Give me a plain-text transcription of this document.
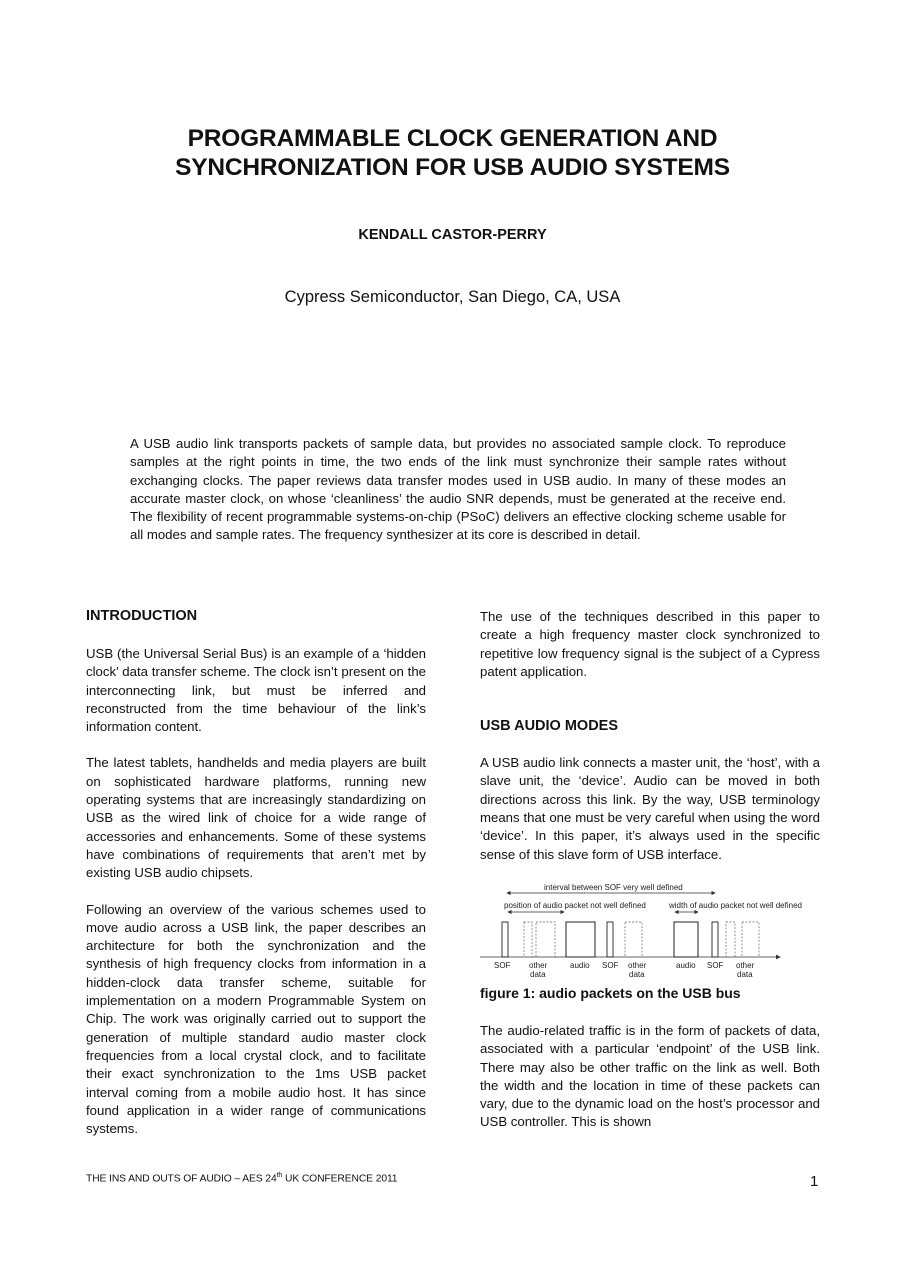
PROGRAMMABLE CLOCK GENERATION AND
SYNCHRONIZATION FOR USB AUDIO SYSTEMS
KENDALL CASTOR-PERRY
Cypress Semiconductor, San Diego, CA, USA
A USB audio link transports packets of sample data, but provides no associated sample clock. To reproduce samples at the right points in time, the two ends of the link must synchronize their sample rates without exchanging clocks. The paper reviews data transfer modes used in USB audio. In many of these modes an accurate master clock, on whose ‘cleanliness’ the audio SNR depends, must be generated at the receive end. The flexibility of recent programmable systems-on-chip (PSoC) delivers an effective clocking scheme usable for all modes and sample rates. The frequency synthesizer at its core is described in detail.

INTRODUCTION

USB (the Universal Serial Bus) is an example of a ‘hidden clock’ data transfer scheme. The clock isn’t present on the interconnecting link, but must be inferred and reconstructed from the time behaviour of the link’s information content.

The latest tablets, handhelds and media players are built on sophisticated hardware platforms, running new operating systems that are increasingly standardizing on USB as the wired link of choice for a wide range of accessories and enhancements. Some of these systems have combinations of requirements that aren’t met by existing USB audio chipsets.

Following an overview of the various schemes used to move audio across a USB link, the paper describes an architecture for both the synchronization and the synthesis of high frequency clocks from information in a hidden-clock data transfer scheme, suitable for implementation on a modern Programmable System on Chip. The work was originally carried out to support the generation of multiple standard audio master clock frequencies from a local crystal clock, and to facilitate their exact synchronization to the 1ms USB packet interval coming from a mobile audio host. It has since found application in a wider range of communications systems.

The use of the techniques described in this paper to create a high frequency master clock synchronized to repetitive low frequency signal is the subject of a Cypress patent application.

USB AUDIO MODES

A USB audio link connects a master unit, the ‘host’, with a slave unit, the ‘device’. Audio can be moved in both directions across this link. By the way, USB terminology means that one must be very careful when using the word ‘device’. In this paper, it’s always used in the specific sense of this slave form of USB interface.

interval between SOF very well defined
position of audio packet not well defined	width of audio packet not well defined
SOF other
data
audio SOF other
data
audio SOF other
data

figure 1: audio packets on the USB bus

The audio-related traffic is in the form of packets of data, associated with a particular ‘endpoint’ of the USB link. There may also be other traffic on the link as well. Both the width and the location in time of these packets can vary, due to the dynamic load on the host’s processor and USB controller. This is shown

THE INS AND OUTS OF AUDIO – AES 24th UK CONFERENCE 2011	1
